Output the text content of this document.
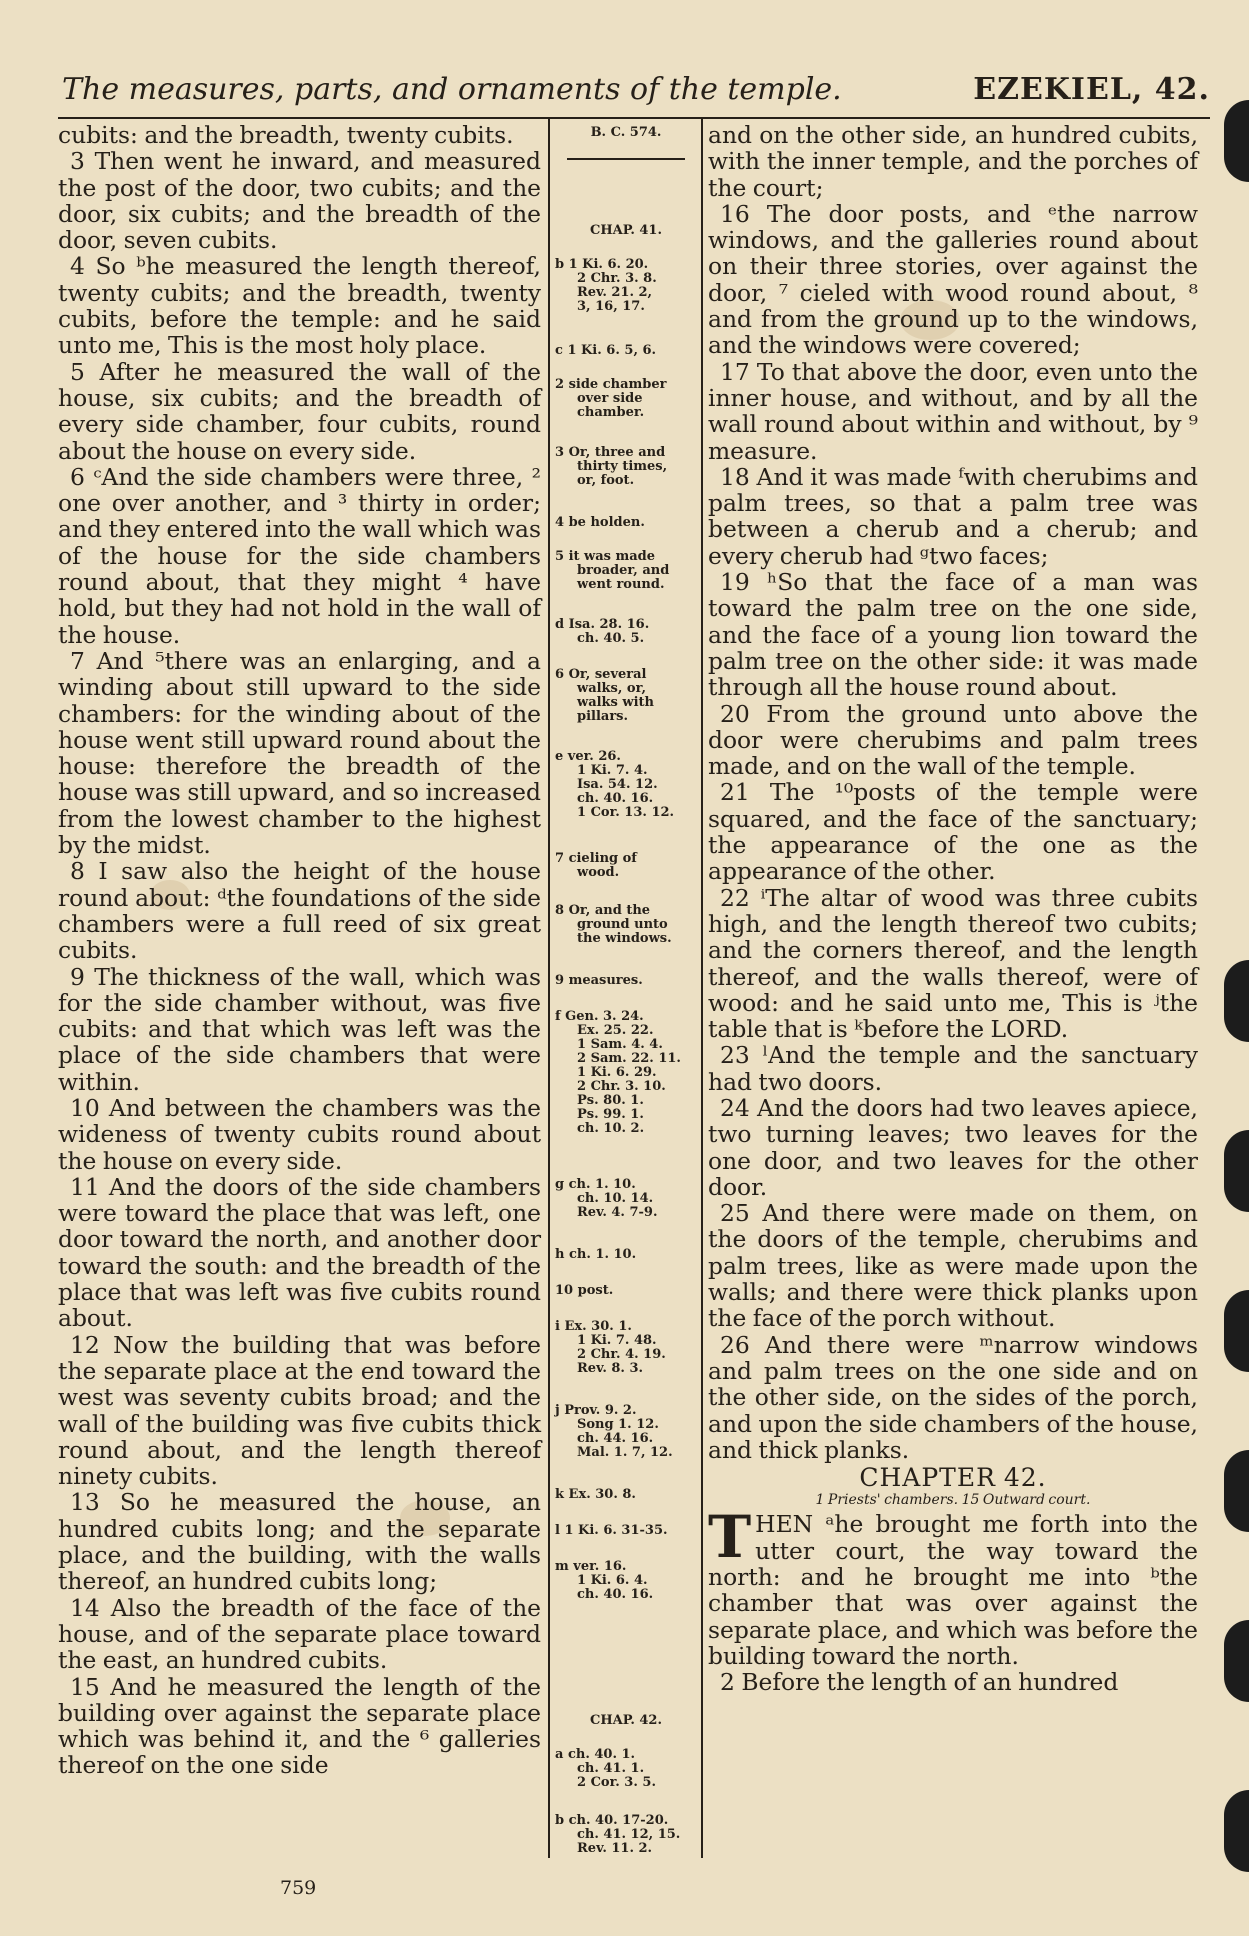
The measures, parts, and ornaments of the temple.	EZEKIEL, 42.

cubits: and the breadth, twenty cubits.

3 Then went he inward, and measured the post of the door, two cubits; and the door, six cubits; and the breadth of the door, seven cubits.

4 So ᵇhe measured the length thereof, twenty cubits; and the breadth, twenty cubits, before the temple: and he said unto me, This is the most holy place.

5 After he measured the wall of the house, six cubits; and the breadth of every side chamber, four cubits, round about the house on every side.

6 ᶜAnd the side chambers were three, ² one over another, and ³ thirty in order; and they entered into the wall which was of the house for the side chambers round about, that they might ⁴ have hold, but they had not hold in the wall of the house.

7 And ⁵there was an enlarging, and a winding about still upward to the side chambers: for the winding about of the house went still upward round about the house: therefore the breadth of the house was still upward, and so increased from the lowest chamber to the highest by the midst.

8 I saw also the height of the house round about: ᵈthe foundations of the side chambers were a full reed of six great cubits.

9 The thickness of the wall, which was for the side chamber without, was five cubits: and that which was left was the place of the side chambers that were within.

10 And between the chambers was the wideness of twenty cubits round about the house on every side.

11 And the doors of the side chambers were toward the place that was left, one door toward the north, and another door toward the south: and the breadth of the place that was left was five cubits round about.

12 Now the building that was before the separate place at the end toward the west was seventy cubits broad; and the wall of the building was five cubits thick round about, and the length thereof ninety cubits.

13 So he measured the house, an hundred cubits long; and the separate place, and the building, with the walls thereof, an hundred cubits long;

14 Also the breadth of the face of the house, and of the separate place toward the east, an hundred cubits.

15 And he measured the length of the building over against the separate place which was behind it, and the ⁶ galleries thereof on the one side

B. C. 574.
CHAP. 41.
b 1 Ki. 6. 20.
2 Chr. 3. 8.
Rev. 21. 2,
3, 16, 17.
c 1 Ki. 6. 5, 6.
2 side chamber
over side
chamber.
3 Or, three and
thirty times,
or, foot.
4 be holden.
5 it was made
broader, and
went round.
d Isa. 28. 16.
ch. 40. 5.
6 Or, several
walks, or,
walks with
pillars.
e ver. 26.
1 Ki. 7. 4.
Isa. 54. 12.
ch. 40. 16.
1 Cor. 13. 12.
7 cieling of
wood.
8 Or, and the
ground unto
the windows.
9 measures.
f Gen. 3. 24.
Ex. 25. 22.
1 Sam. 4. 4.
2 Sam. 22. 11.
1 Ki. 6. 29.
2 Chr. 3. 10.
Ps. 80. 1.
Ps. 99. 1.
ch. 10. 2.
g ch. 1. 10.
ch. 10. 14.
Rev. 4. 7-9.
h ch. 1. 10.
10 post.
i Ex. 30. 1.
1 Ki. 7. 48.
2 Chr. 4. 19.
Rev. 8. 3.
j Prov. 9. 2.
Song 1. 12.
ch. 44. 16.
Mal. 1. 7, 12.
k Ex. 30. 8.
l 1 Ki. 6. 31-35.
m ver. 16.
1 Ki. 6. 4.
ch. 40. 16.
CHAP. 42.
a ch. 40. 1.
ch. 41. 1.
2 Cor. 3. 5.
b ch. 40. 17-20.
ch. 41. 12, 15.
Rev. 11. 2.

and on the other side, an hundred cubits, with the inner temple, and the porches of the court;

16 The door posts, and ᵉthe narrow windows, and the galleries round about on their three stories, over against the door, ⁷ cieled with wood round about, ⁸ and from the ground up to the windows, and the windows were covered;

17 To that above the door, even unto the inner house, and without, and by all the wall round about within and without, by ⁹ measure.

18 And it was made ᶠwith cherubims and palm trees, so that a palm tree was between a cherub and a cherub; and every cherub had ᵍtwo faces;

19 ʰSo that the face of a man was toward the palm tree on the one side, and the face of a young lion toward the palm tree on the other side: it was made through all the house round about.

20 From the ground unto above the door were cherubims and palm trees made, and on the wall of the temple.

21 The ¹⁰posts of the temple were squared, and the face of the sanctuary; the appearance of the one as the appearance of the other.

22 ⁱThe altar of wood was three cubits high, and the length thereof two cubits; and the corners thereof, and the length thereof, and the walls thereof, were of wood: and he said unto me, This is ʲthe table that is ᵏbefore the LORD.

23 ˡAnd the temple and the sanctuary had two doors.

24 And the doors had two leaves apiece, two turning leaves; two leaves for the one door, and two leaves for the other door.

25 And there were made on them, on the doors of the temple, cherubims and palm trees, like as were made upon the walls; and there were thick planks upon the face of the porch without.

26 And there were ᵐnarrow windows and palm trees on the one side and on the other side, on the sides of the porch, and upon the side chambers of the house, and thick planks.

CHAPTER 42.
1 Priests' chambers. 15 Outward court.

THEN ᵃhe brought me forth into the utter court, the way toward the north: and he brought me into ᵇthe chamber that was over against the separate place, and which was before the building toward the north.

2 Before the length of an hundred

759
